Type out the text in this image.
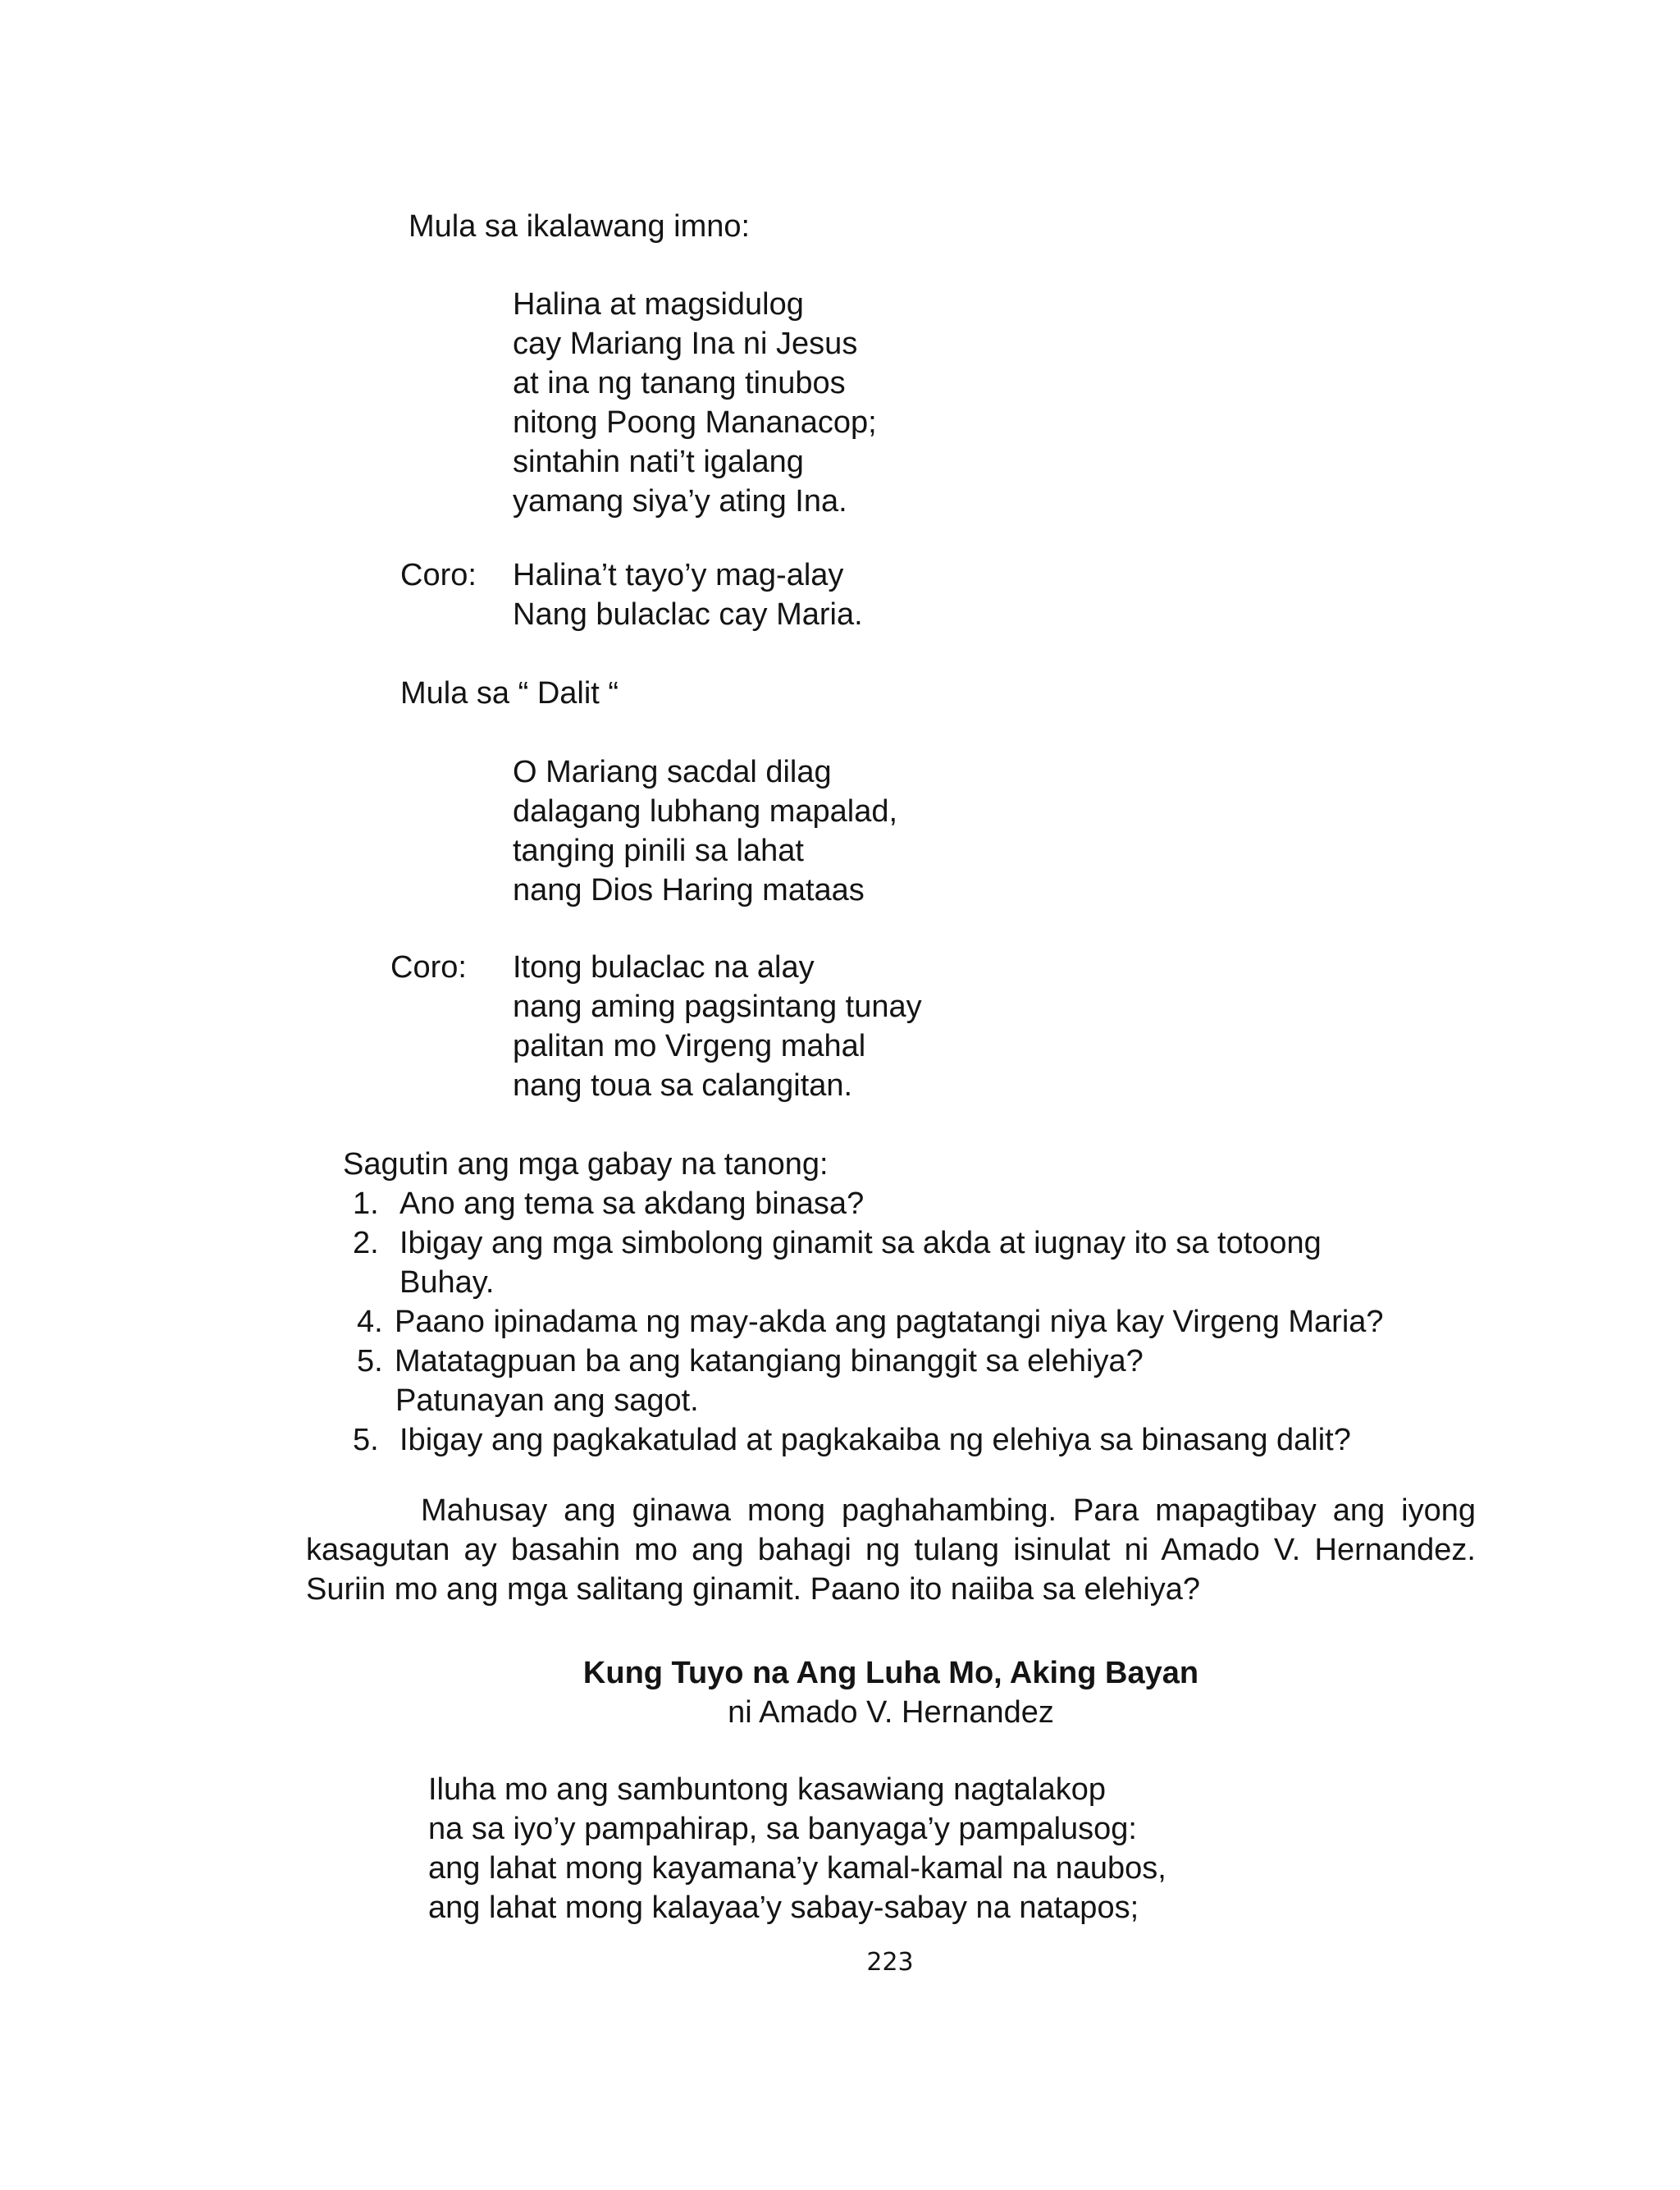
Mula sa ikalawang imno:
Halina at magsidulog
cay Mariang Ina ni Jesus
at ina ng tanang tinubos
nitong Poong Mananacop;
sintahin nati’t igalang
yamang siya’y ating Ina.
Coro: Halina’t tayo’y mag-alay
Nang bulaclac cay Maria.
Mula sa “ Dalit “
O Mariang sacdal dilag
dalagang lubhang mapalad,
tanging pinili sa lahat
nang Dios Haring mataas
Coro: Itong bulaclac na alay
nang aming pagsintang tunay
palitan mo Virgeng mahal
nang toua sa calangitan.
Sagutin ang mga gabay na tanong:
1. Ano ang tema sa akdang binasa?
2. Ibigay ang mga simbolong ginamit sa akda at iugnay ito sa totoong
Buhay.
4. Paano ipinadama ng may-akda ang pagtatangi niya kay Virgeng Maria?
5. Matatagpuan ba ang katangiang binanggit sa elehiya?
Patunayan ang sagot.
5. Ibigay ang pagkakatulad at pagkakaiba ng elehiya sa binasang dalit?

Mahusay ang ginawa mong paghahambing. Para mapagtibay ang iyong kasagutan ay basahin mo ang bahagi ng tulang isinulat ni Amado V. Hernandez. Suriin mo ang mga salitang ginamit. Paano ito naiiba sa elehiya?

Kung Tuyo na Ang Luha Mo, Aking Bayan
ni Amado V. Hernandez
Iluha mo ang sambuntong kasawiang nagtalakop
na sa iyo’y pampahirap, sa banyaga’y pampalusog:
ang lahat mong kayamana’y kamal-kamal na naubos,
ang lahat mong kalayaa’y sabay-sabay na natapos;
223
